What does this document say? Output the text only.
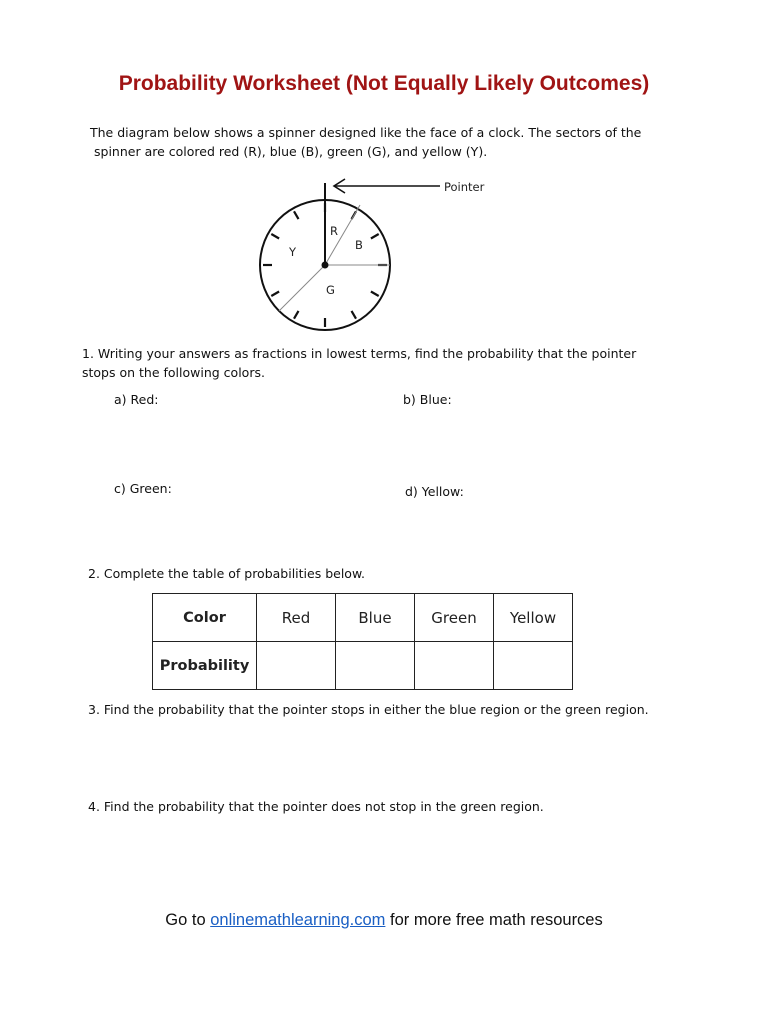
Probability Worksheet (Not Equally Likely Outcomes)
The diagram below shows a spinner designed like the face of a clock. The sectors of the
spinner are colored red (R), blue (B), green (G), and yellow (Y).
Pointer
R
B
Y
G
1. Writing your answers as fractions in lowest terms, find the probability that the pointer
stops on the following colors.
a) Red:	b) Blue:
c) Green:	d) Yellow:
2. Complete the table of probabilities below.
Color	Red	Blue	Green	Yellow
Probability				
3. Find the probability that the pointer stops in either the blue region or the green region.
4. Find the probability that the pointer does not stop in the green region.
Go to onlinemathlearning.com for more free math resources
